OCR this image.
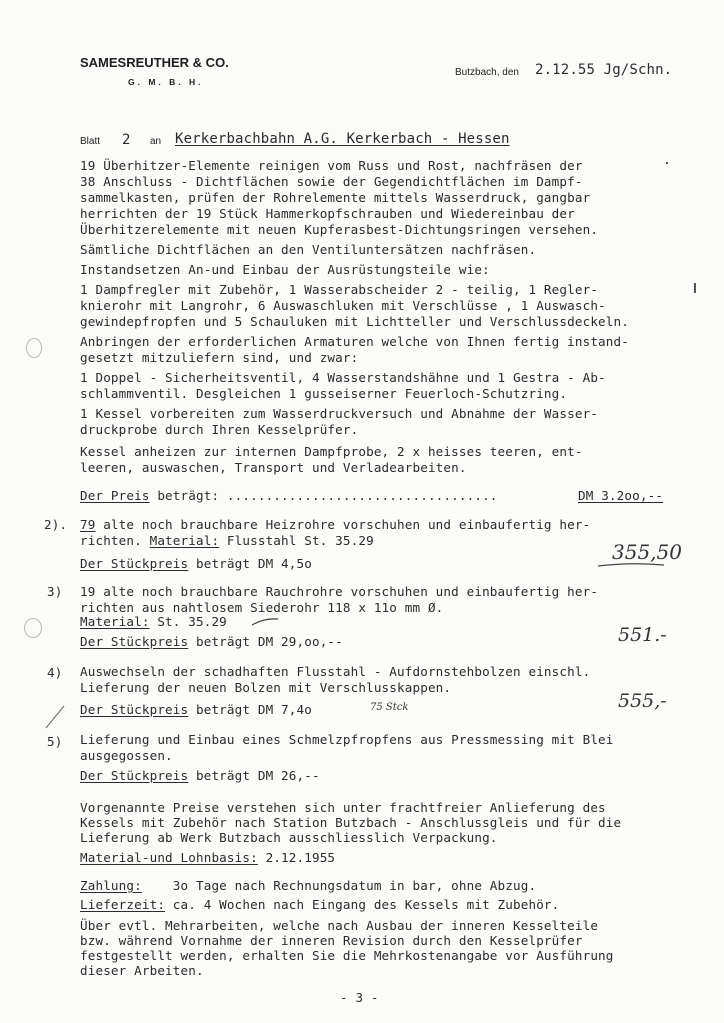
SAMESREUTHER & CO.
G. M. B. H.
Butzbach, den 2.12.55 Jg/Schn.
Blatt 2 an Kerkerbachbahn A.G. Kerkerbach - Hessen
19 Überhitzer-Elemente reinigen vom Russ und Rost, nachfräsen der
38 Anschluss - Dichtflächen sowie der Gegendichtflächen im Dampf-
sammelkasten, prüfen der Rohrelemente mittels Wasserdruck, gangbar
herrichten der 19 Stück Hammerkopfschrauben und Wiedereinbau der
Überhitzerelemente mit neuen Kupferasbest-Dichtungsringen versehen.
Sämtliche Dichtflächen an den Ventiluntersätzen nachfräsen.
Instandsetzen An-und Einbau der Ausrüstungsteile wie:
1 Dampfregler mit Zubehör, 1 Wasserabscheider 2 - teilig, 1 Regler-
knierohr mit Langrohr, 6 Auswaschluken mit Verschlüsse , 1 Auswasch-
gewindepfropfen und 5 Schauluken mit Lichtteller und Verschlussdeckeln.
Anbringen der erforderlichen Armaturen welche von Ihnen fertig instand-
gesetzt mitzuliefern sind, und zwar:
1 Doppel - Sicherheitsventil, 4 Wasserstandshähne und 1 Gestra - Ab-
schlammventil. Desgleichen 1 gusseiserner Feuerloch-Schutzring.
1 Kessel vorbereiten zum Wasserdruckversuch und Abnahme der Wasser-
druckprobe durch Ihren Kesselprüfer.
Kessel anheizen zur internen Dampfprobe, 2 x heisses teeren, ent-
leeren, auswaschen, Transport und Verladearbeiten.
Der Preis beträgt: ...................................	DM 3.2oo,--
2). 79 alte noch brauchbare Heizrohre vorschuhen und einbaufertig her-
richten. Material: Flusstahl St. 35.29
Der Stückpreis beträgt DM 4,5o	355,50
3) 19 alte noch brauchbare Rauchrohre vorschuhen und einbaufertig her-
richten aus nahtlosem Siederohr 118 x 11o mm Ø.
Material: St. 35.29
Der Stückpreis beträgt DM 29,oo,--	551.-
4) Auswechseln der schadhaften Flusstahl - Aufdornstehbolzen einschl.
Lieferung der neuen Bolzen mit Verschlusskappen.
Der Stückpreis beträgt DM 7,4o	75 Stck	555,-
5) Lieferung und Einbau eines Schmelzpfropfens aus Pressmessing mit Blei
ausgegossen.
Der Stückpreis beträgt DM 26,--
Vorgenannte Preise verstehen sich unter frachtfreier Anlieferung des
Kessels mit Zubehör nach Station Butzbach - Anschlussgleis und für die
Lieferung ab Werk Butzbach ausschliesslich Verpackung.
Material-und Lohnbasis: 2.12.1955
Zahlung:    3o Tage nach Rechnungsdatum in bar, ohne Abzug.
Lieferzeit: ca. 4 Wochen nach Eingang des Kessels mit Zubehör.
Über evtl. Mehrarbeiten, welche nach Ausbau der inneren Kesselteile
bzw. während Vornahme der inneren Revision durch den Kesselprüfer
festgestellt werden, erhalten Sie die Mehrkostenangabe vor Ausführung
dieser Arbeiten.
- 3 -
